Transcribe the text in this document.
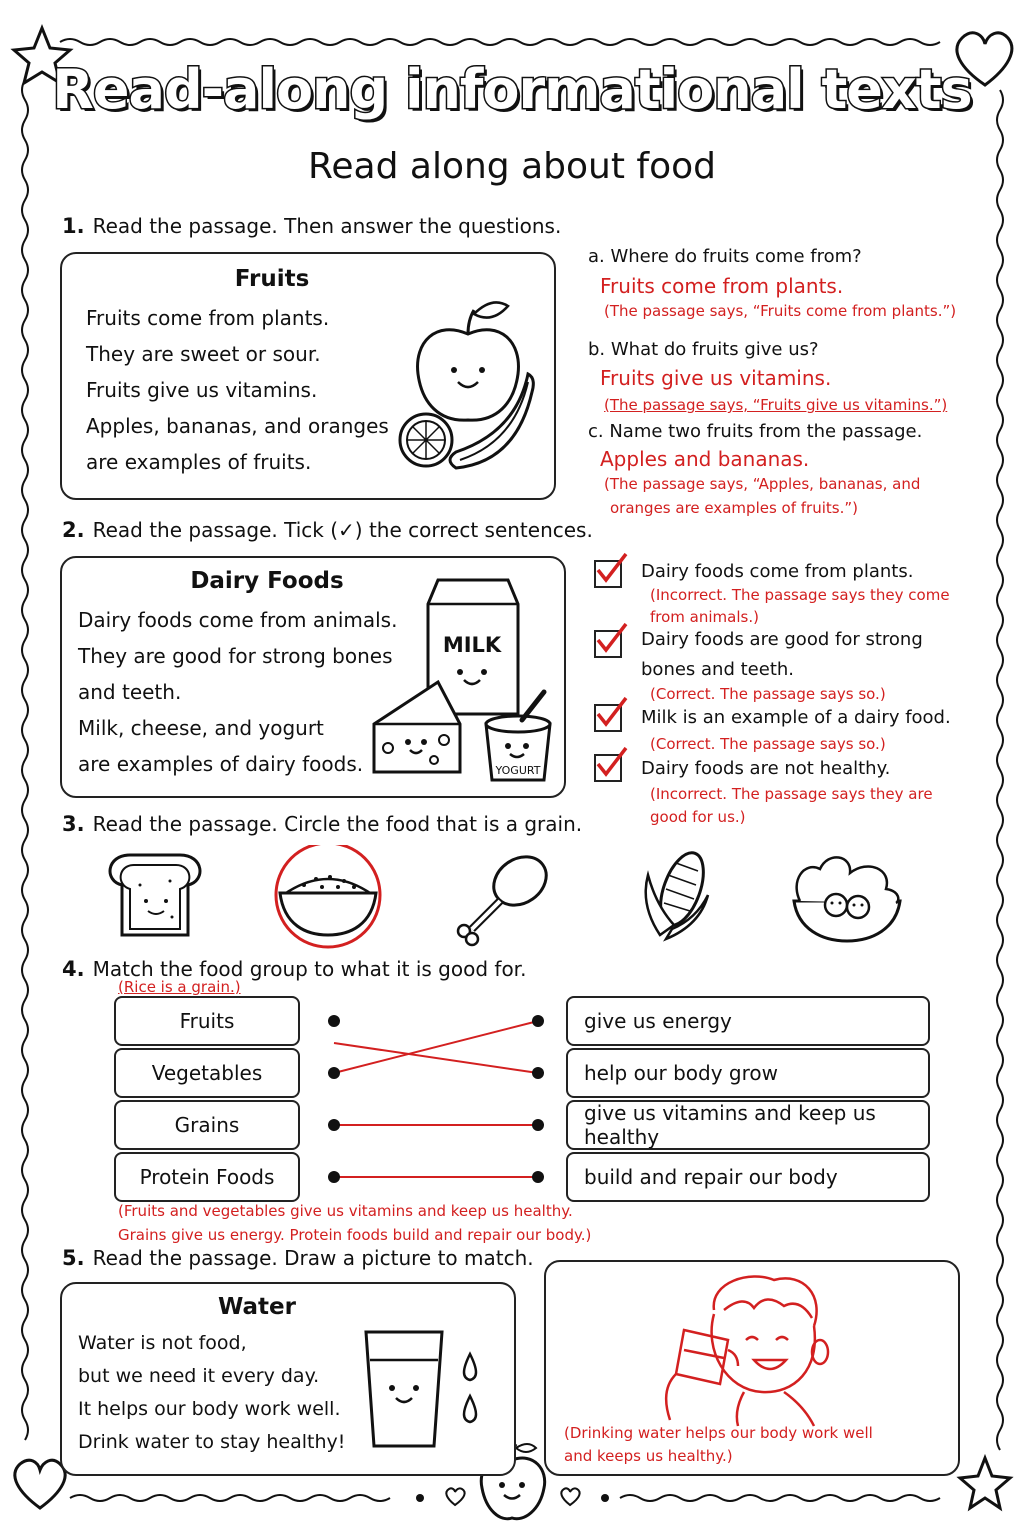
Read-along informational texts
Read along about food
1. Read the passage. Then answer the questions.
Fruits
Fruits come from plants.
They are sweet or sour.
Fruits give us vitamins.
Apples, bananas, and oranges
are examples of fruits.
a. Where do fruits come from?
Fruits come from plants.
(The passage says, “Fruits come from plants.”)
b. What do fruits give us?
Fruits give us vitamins.
(The passage says, “Fruits give us vitamins.”)
c. Name two fruits from the passage.
Apples and bananas.
(The passage says, “Apples, bananas, and
oranges are examples of fruits.”)
2. Read the passage. Tick (✓) the correct sentences.
Dairy Foods
Dairy foods come from animals.
They are good for strong bones
and teeth.
Milk, cheese, and yogurt
are examples of dairy foods.
MILK
YOGURT
Dairy foods come from plants.
(Incorrect. The passage says they come
from animals.)
Dairy foods are good for strong
bones and teeth.
(Correct. The passage says so.)
Milk is an example of a dairy food.
(Correct. The passage says so.)
Dairy foods are not healthy.
(Incorrect. The passage says they are
good for us.)
3. Read the passage. Circle the food that is a grain.
4. Match the food group to what it is good for.
(Rice is a grain.)
Fruits
Vegetables
Grains
Protein Foods
give us energy
help our body grow
give us vitamins and keep us healthy
build and repair our body
(Fruits and vegetables give us vitamins and keep us healthy.
Grains give us energy. Protein foods build and repair our body.)
5. Read the passage. Draw a picture to match.
Water
Water is not food,
but we need it every day.
It helps our body work well.
Drink water to stay healthy!	(Drinking water helps our body work well
and keeps us healthy.)
